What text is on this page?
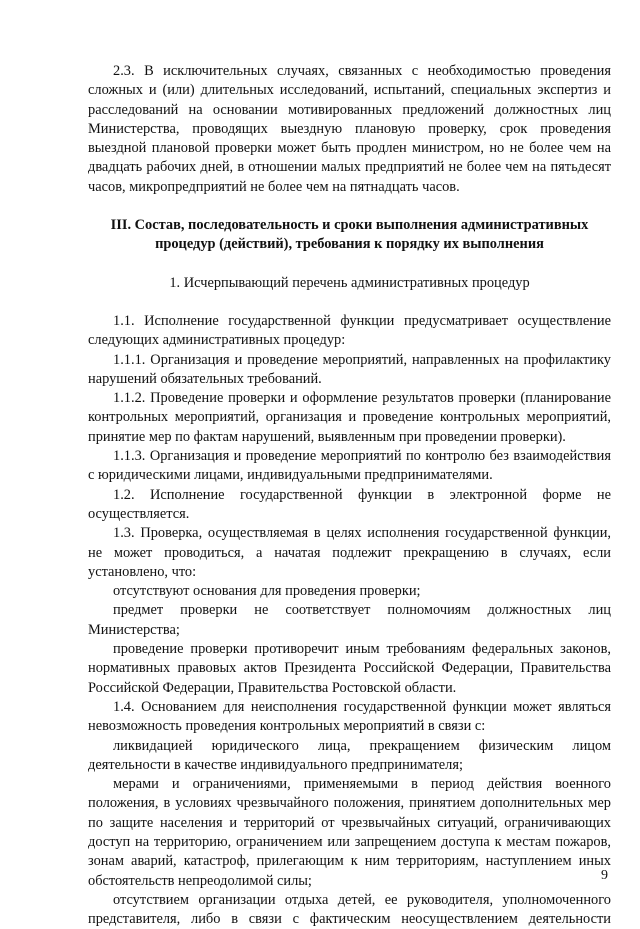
2.3. В исключительных случаях, связанных с необходимостью проведения сложных и (или) длительных исследований, испытаний, специальных экспертиз и расследований на основании мотивированных предложений должностных лиц Министерства, проводящих выездную плановую проверку, срок проведения выездной плановой проверки может быть продлен министром, но не более чем на двадцать рабочих дней, в отношении малых предприятий не более чем на пятьдесят часов, микропредприятий не более чем на пятнадцать часов.

III. Состав, последовательность и сроки выполнения административных процедур (действий), требования к порядку их выполнения

1. Исчерпывающий перечень административных процедур

1.1. Исполнение государственной функции предусматривает осуществление следующих административных процедур:

1.1.1. Организация и проведение мероприятий, направленных на профилактику нарушений обязательных требований.

1.1.2. Проведение проверки и оформление результатов проверки (планирование контрольных мероприятий, организация и проведение контрольных мероприятий, принятие мер по фактам нарушений, выявленным при проведении проверки).

1.1.3. Организация и проведение мероприятий по контролю без взаимодействия с юридическими лицами, индивидуальными предпринимателями.

1.2. Исполнение государственной функции в электронной форме не осуществляется.

1.3. Проверка, осуществляемая в целях исполнения государственной функции, не может проводиться, а начатая подлежит прекращению в случаях, если установлено, что:

отсутствуют основания для проведения проверки;

предмет проверки не соответствует полномочиям должностных лиц Министерства;

проведение проверки противоречит иным требованиям федеральных законов, нормативных правовых актов Президента Российской Федерации, Правительства Российской Федерации, Правительства Ростовской области.

1.4. Основанием для неисполнения государственной функции может являться невозможность проведения контрольных мероприятий в связи с:

ликвидацией юридического лица, прекращением физическим лицом деятельности в качестве индивидуального предпринимателя;

мерами и ограничениями, применяемыми в период действия военного положения, в условиях чрезвычайного положения, принятием дополнительных мер по защите населения и территорий от чрезвычайных ситуаций, ограничивающих доступ на территорию, ограничением или запрещением доступа к местам пожаров, зонам аварий, катастроф, прилегающим к ним территориям, наступлением иных обстоятельств непреодолимой силы;

отсутствием организации отдыха детей, ее руководителя, уполномоченного представителя, либо в связи с фактическим неосуществлением деятельности

9
